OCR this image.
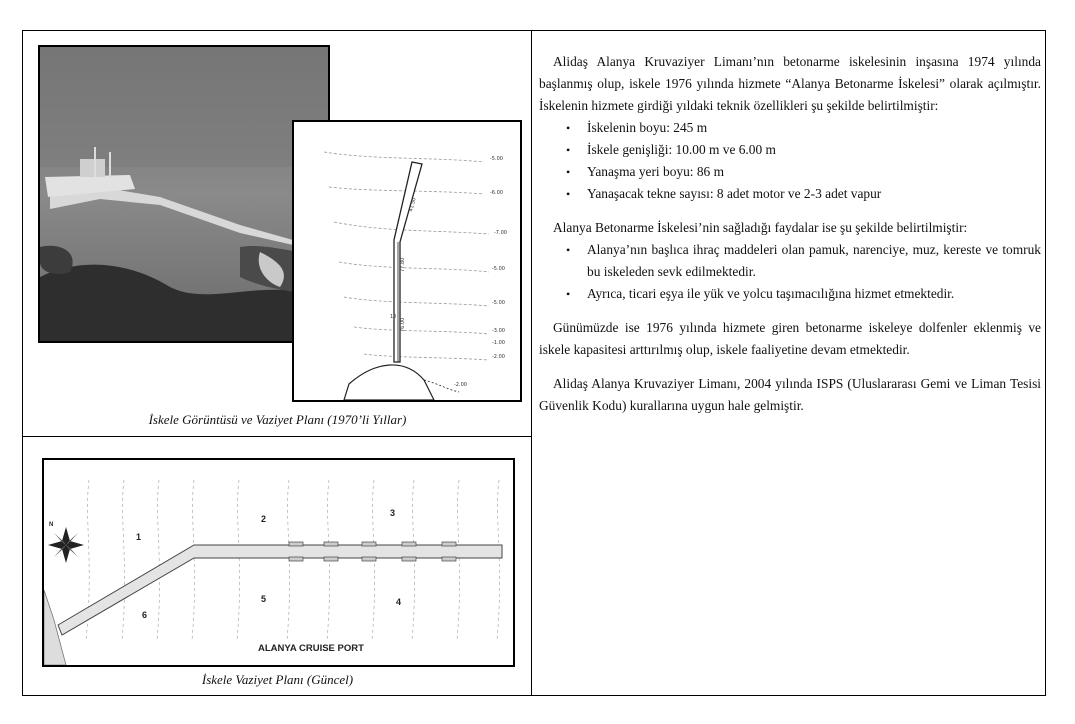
-5.00
-6.00
-7.00
-5.00
-5.00
-3.00
-2.00
-2.00
41.50
77.80
76.00
10
-1.00
İskele Görüntüsü ve Vaziyet Planı (1970’li Yıllar)
N
1
2
3
4
5
6
ALANYA CRUISE PORT
İskele Vaziyet Planı (Güncel)

Alidaş Alanya Kruvaziyer Limanı’nın betonarme iskelesinin inşasına 1974 yılında başlanmış olup, iskele 1976 yılında hizmete “Alanya Betonarme İskelesi” olarak açılmıştır. İskelenin hizmete girdiği yıldaki teknik özellikleri şu şekilde belirtilmiştir:

• İskelenin boyu: 245 m
• İskele genişliği: 10.00 m ve 6.00 m
• Yanaşma yeri boyu: 86 m
• Yanaşacak tekne sayısı: 8 adet motor ve 2-3 adet vapur

Alanya Betonarme İskelesi’nin sağladığı faydalar ise şu şekilde belirtilmiştir:

• Alanya’nın başlıca ihraç maddeleri olan pamuk, narenciye, muz, kereste ve tomruk bu iskeleden sevk edilmektedir.
• Ayrıca, ticari eşya ile yük ve yolcu taşımacılığına hizmet etmektedir.

Günümüzde ise 1976 yılında hizmete giren betonarme iskeleye dolfenler eklenmiş ve iskele kapasitesi arttırılmış olup, iskele faaliyetine devam etmektedir.

Alidaş Alanya Kruvaziyer Limanı, 2004 yılında ISPS (Uluslararası Gemi ve Liman Tesisi Güvenlik Kodu) kurallarına uygun hale gelmiştir.
